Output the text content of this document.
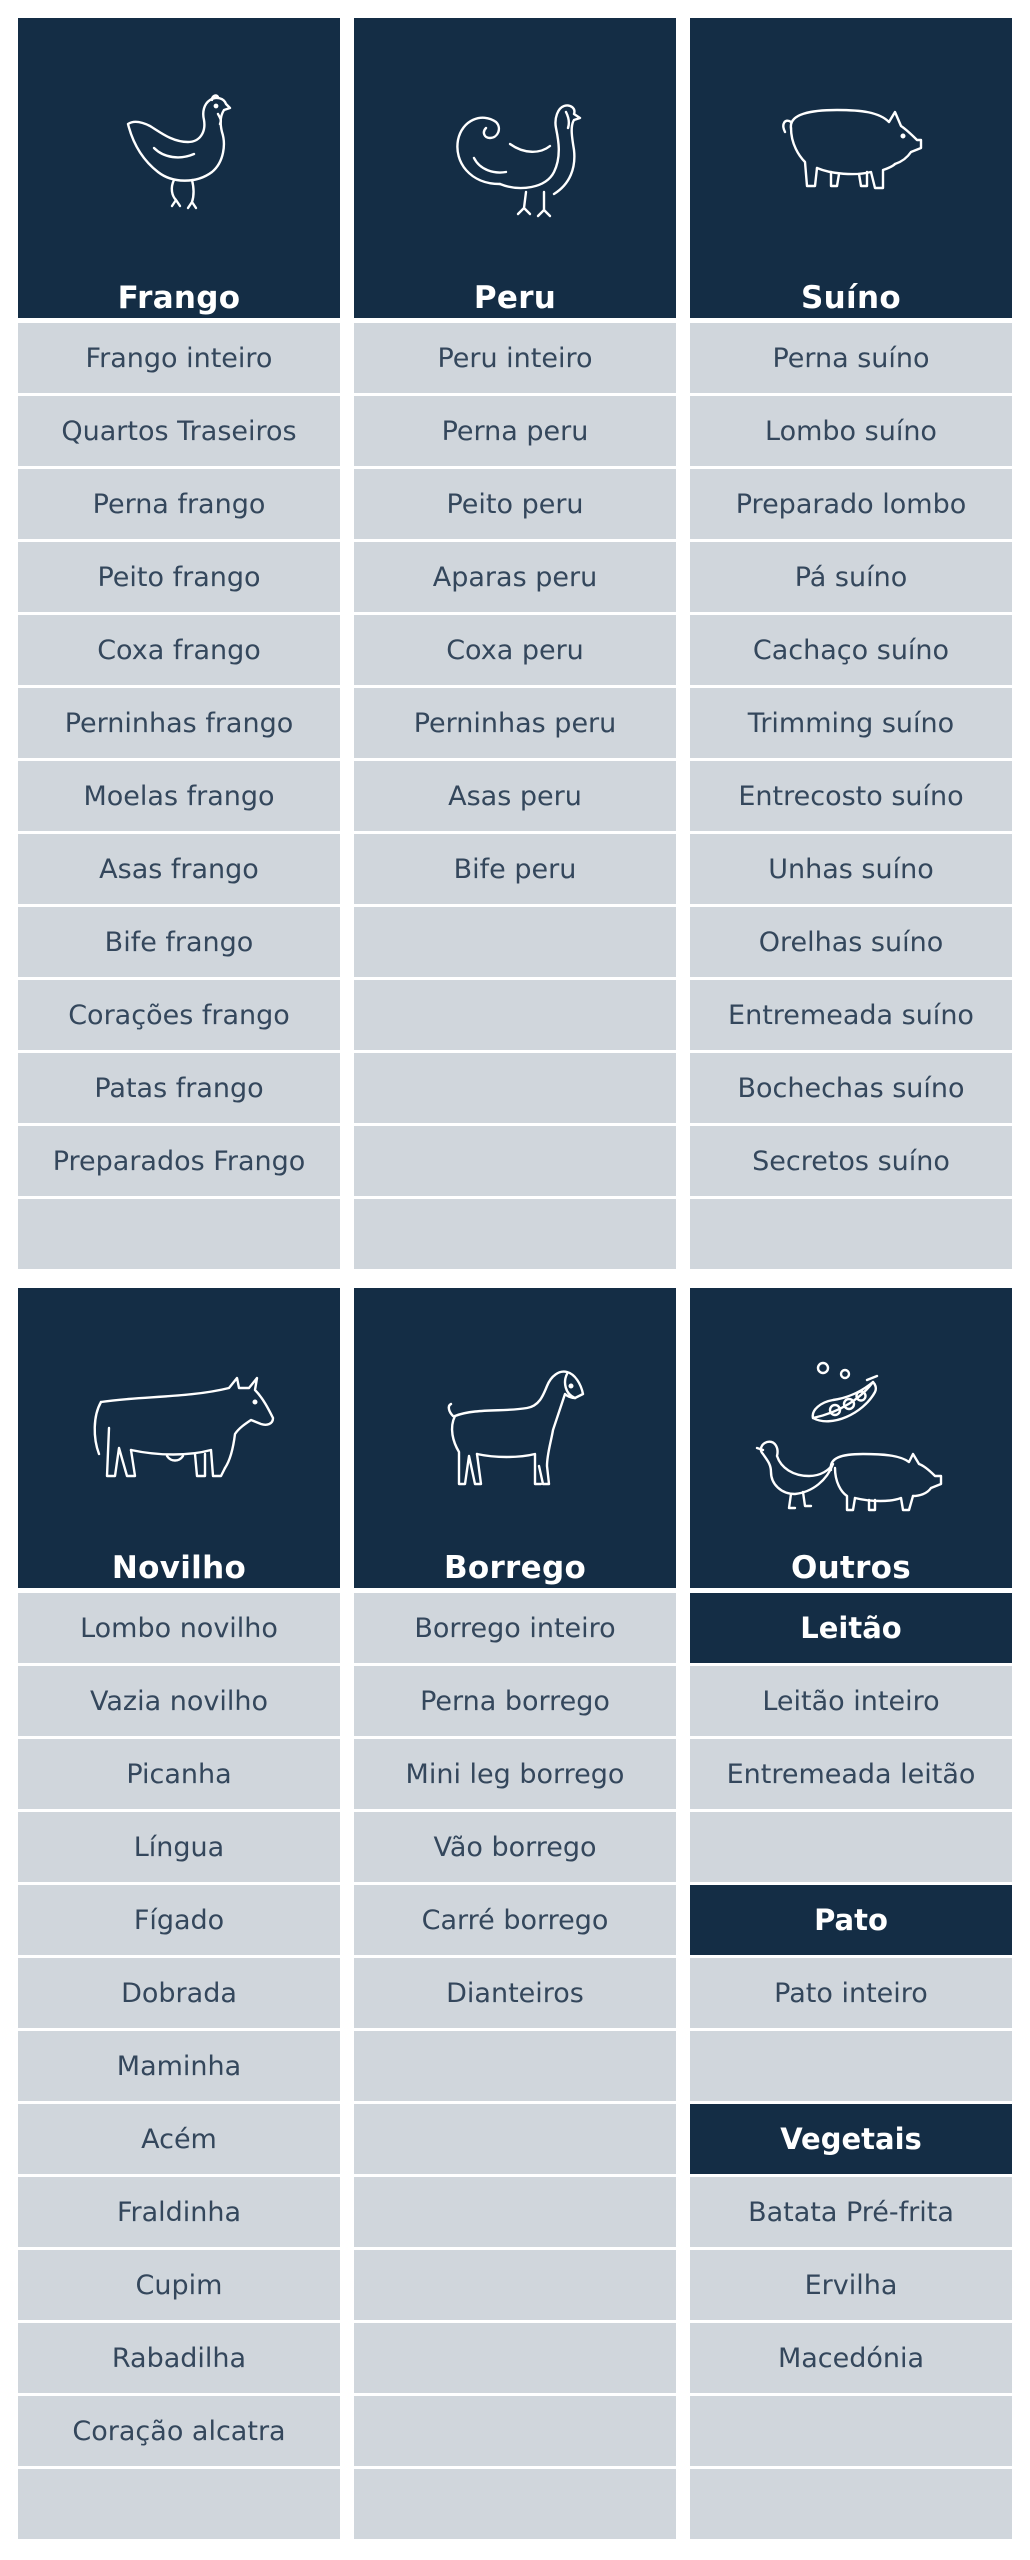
Frango
Frango inteiro
Quartos Traseiros
Perna frango
Peito frango
Coxa frango
Perninhas frango
Moelas frango
Asas frango
Bife frango
Corações frango
Patas frango
Preparados Frango
Peru
Peru inteiro
Perna peru
Peito peru
Aparas peru
Coxa peru
Perninhas peru
Asas peru
Bife peru
Suíno
Perna suíno
Lombo suíno
Preparado lombo
Pá suíno
Cachaço suíno
Trimming suíno
Entrecosto suíno
Unhas suíno
Orelhas suíno
Entremeada suíno
Bochechas suíno
Secretos suíno
Novilho
Lombo novilho
Vazia novilho
Picanha
Língua
Fígado
Dobrada
Maminha
Acém
Fraldinha
Cupim
Rabadilha
Coração alcatra
Borrego
Borrego inteiro
Perna borrego
Mini leg borrego
Vão borrego
Carré borrego
Dianteiros
Outros
Leitão
Leitão inteiro
Entremeada leitão
Pato
Pato inteiro
Vegetais
Batata Pré-frita
Ervilha
Macedónia
